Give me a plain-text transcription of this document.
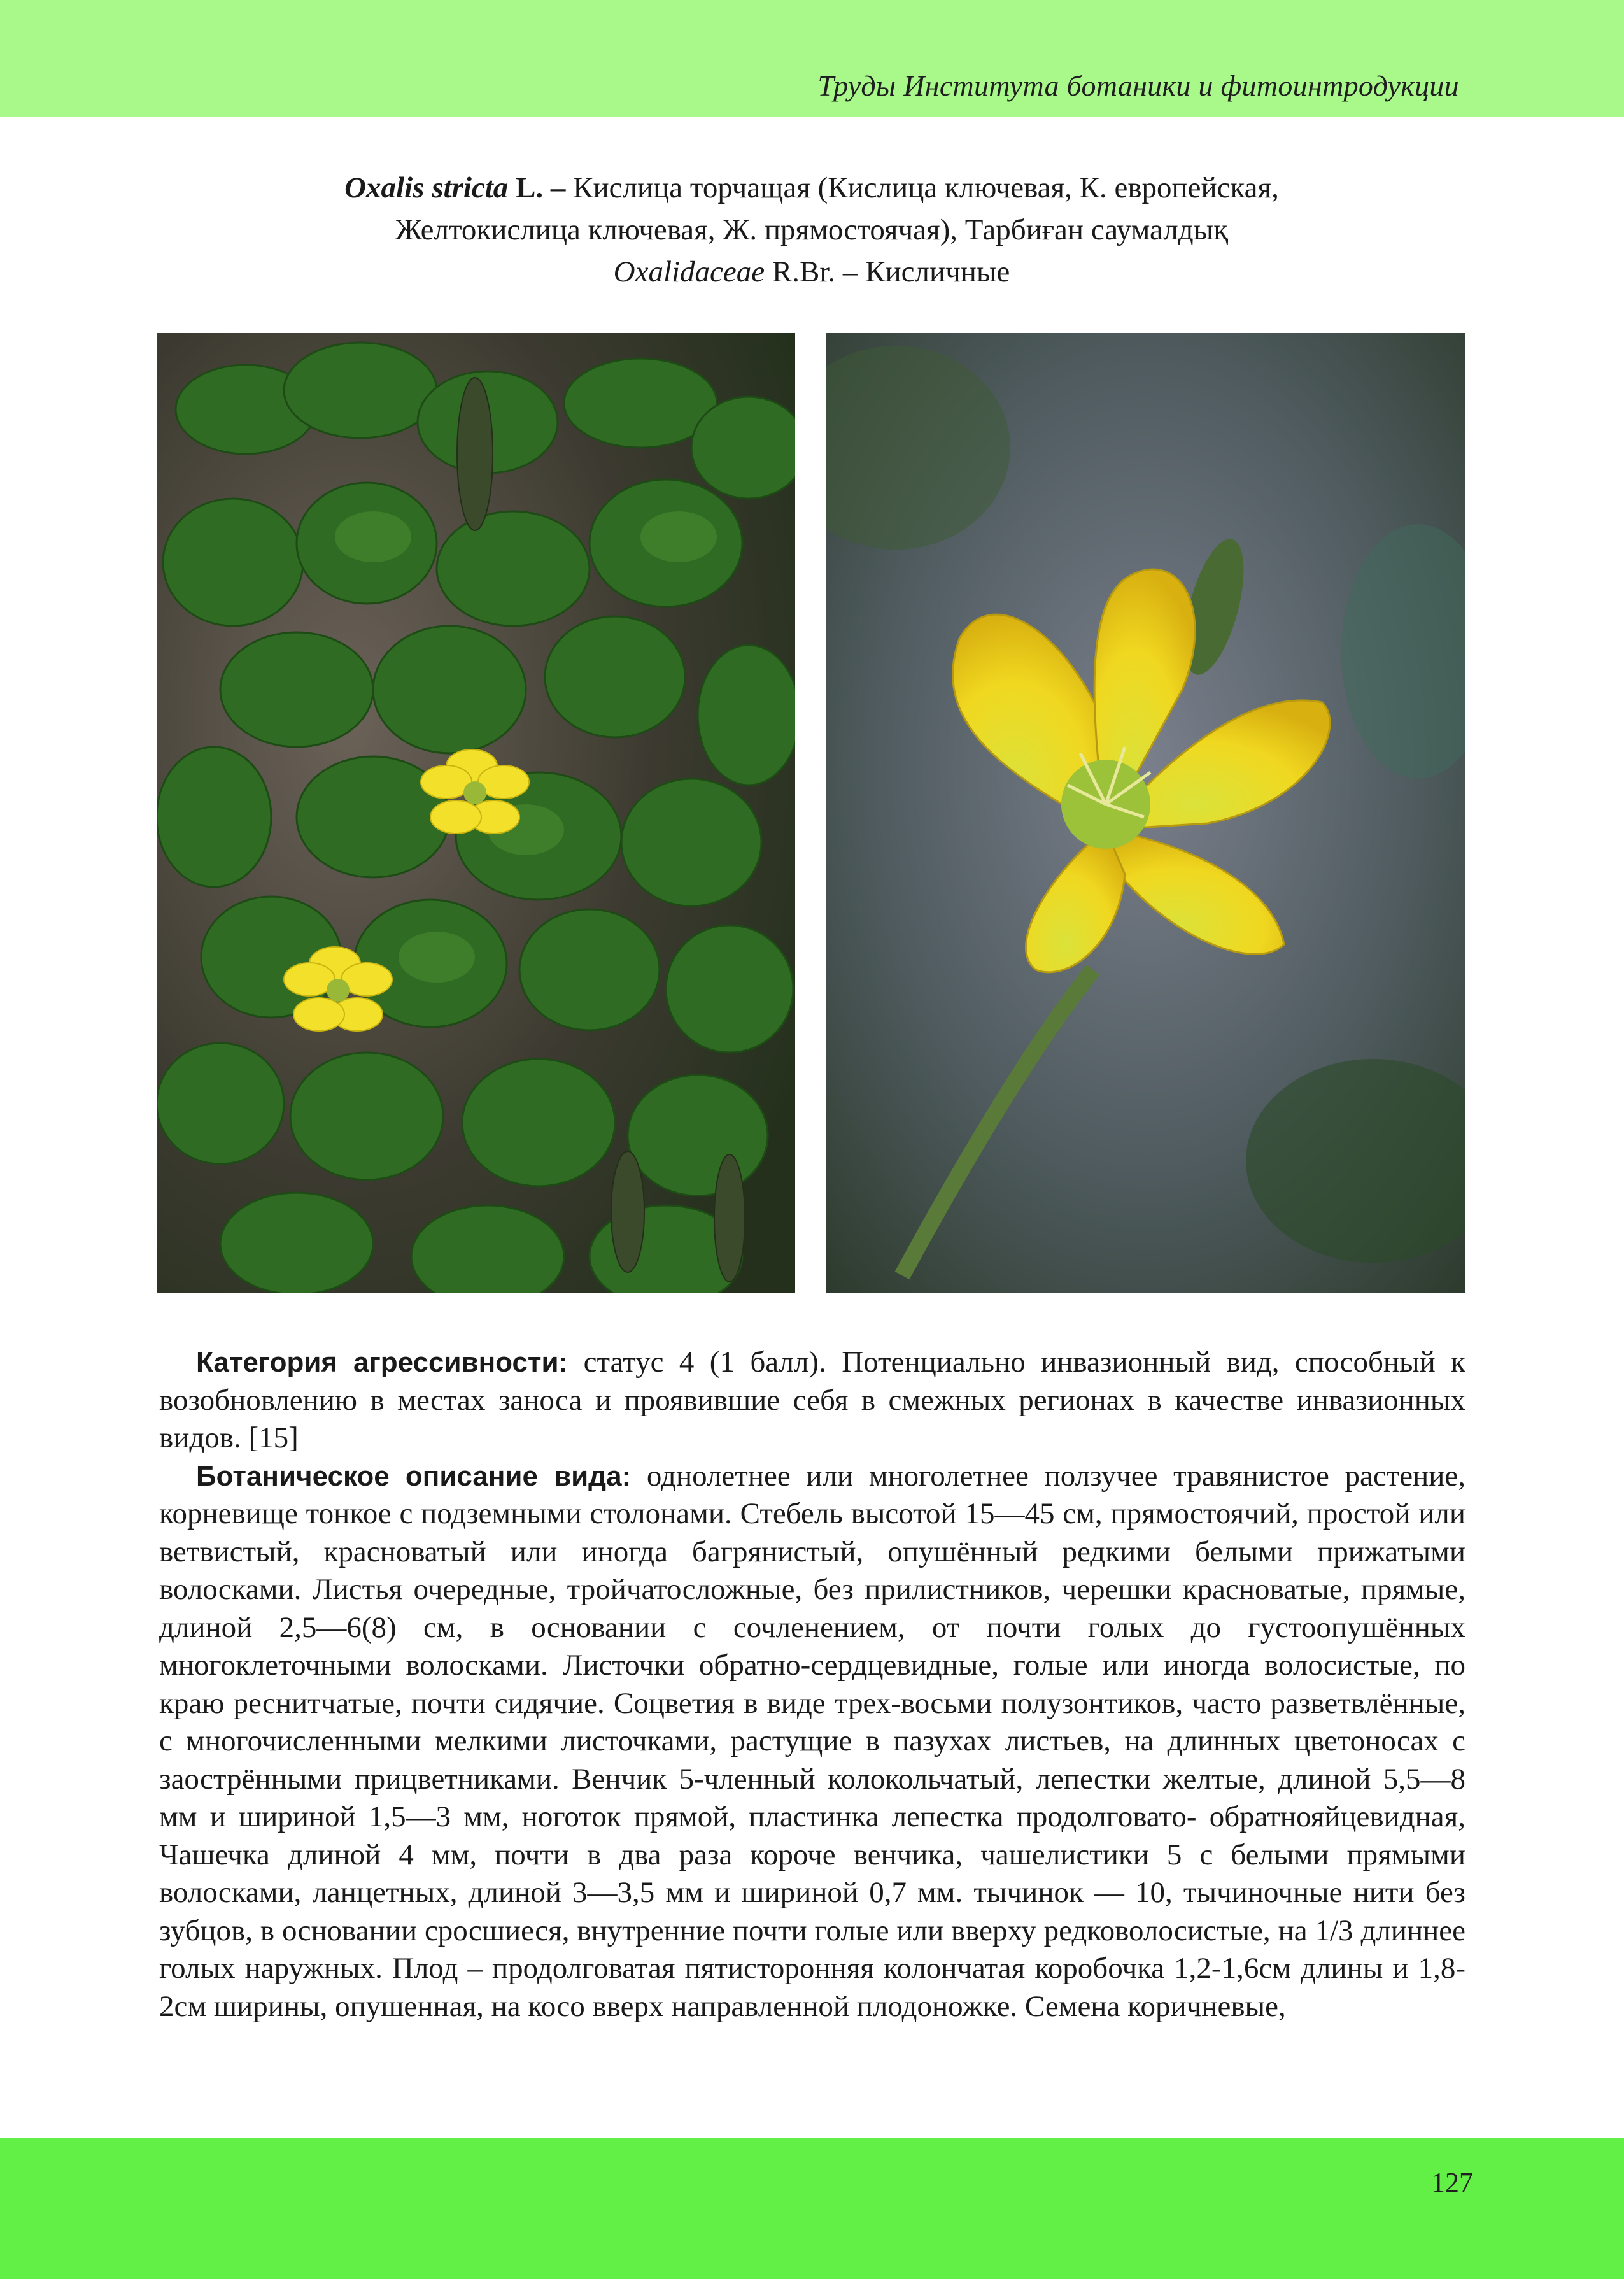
Труды Института ботаники и фитоинтродукции
Oxalis stricta L. – Кислица торчащая (Кислица ключевая, К. европейская,
Желтокислица ключевая, Ж. прямостоячая), Тарбиған саумалдық
Oxalidaceae R.Br. – Кисличные

Категория агрессивности: статус 4 (1 балл). Потенциально инвазионный вид, способный к возобновлению в местах заноса и проявившие себя в смежных регионах в качестве инвазионных видов. [15]

Ботаническое описание вида: однолетнее или многолетнее ползучее травянистое растение, корневище тонкое с подземными столонами. Стебель высотой 15—45 см, прямостоячий, простой или ветвистый, красноватый или иногда багрянистый, опушённый редкими белыми прижатыми волосками. Листья очередные, тройчатосложные, без прилистников, черешки красноватые, прямые, длиной 2,5—6(8) см, в основании с сочленением, от почти голых до густоопушённых многоклеточными волосками. Листочки обратно-сердцевидные, голые или иногда волосистые, по краю реснитчатые, почти сидячие. Соцветия в виде трех-восьми полузонтиков, часто разветвлённые, с многочисленными мелкими листочками, растущие в пазухах листьев, на длинных цветоносах с заострёнными прицветниками. Венчик 5-членный колокольчатый, лепестки желтые, длиной 5,5—8 мм и шириной 1,5—3 мм, ноготок прямой, пластинка лепестка продолговато- обратнояйцевидная, Чашечка длиной 4 мм, почти в два раза короче венчика, чашелистики 5 с белыми прямыми волосками, ланцетных, длиной 3—3,5 мм и шириной 0,7 мм. тычинок — 10, тычиночные нити без зубцов, в основании сросшиеся, внутренние почти голые или вверху редковолосистые, на 1/3 длиннее голых наружных. Плод – продолговатая пятисторонняя колончатая коробочка 1,2-1,6см длины и 1,8-2см ширины, опушенная, на косо вверх направленной плодоножке. Семена коричневые,

127
